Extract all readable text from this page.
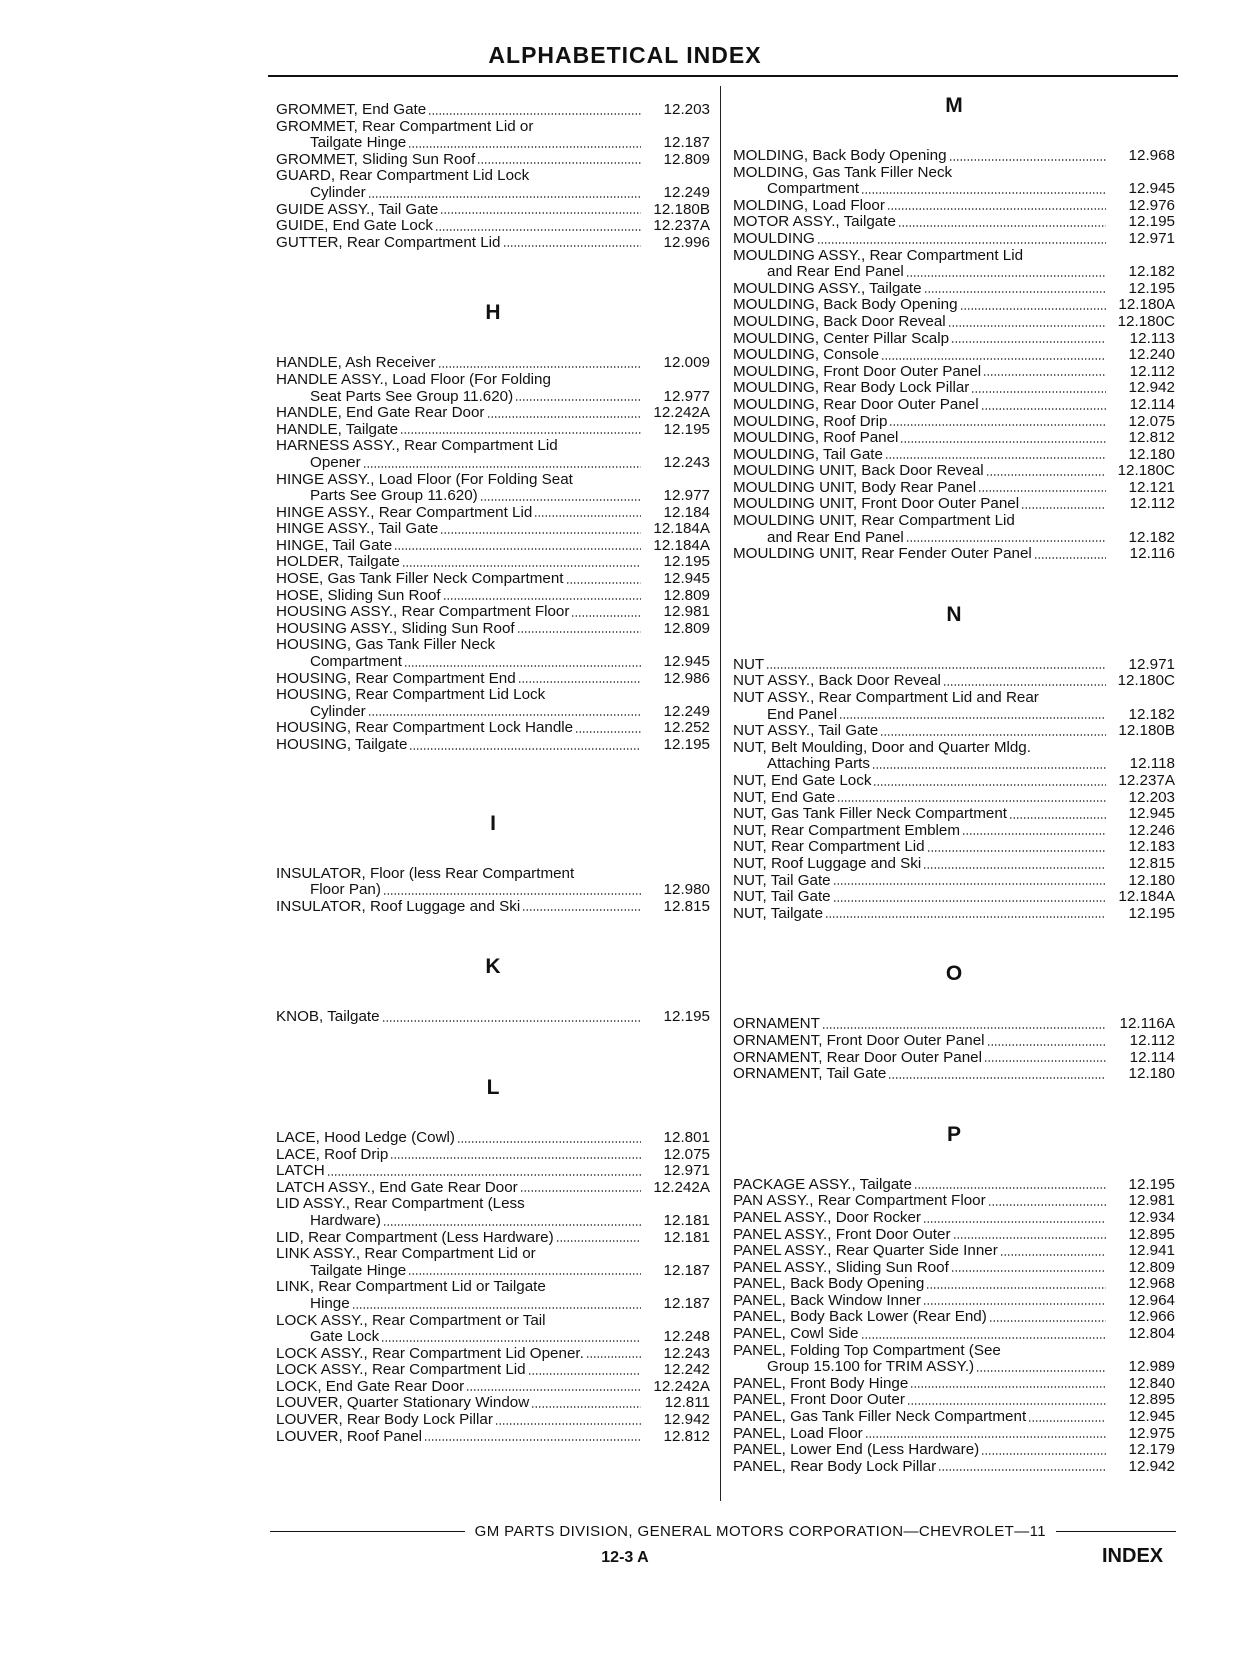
ALPHABETICAL INDEX
GROMMET, End Gate	12.203
GROMMET, Rear Compartment Lid or
Tailgate Hinge	12.187
GROMMET, Sliding Sun Roof	12.809
GUARD, Rear Compartment Lid Lock
Cylinder	12.249
GUIDE ASSY., Tail Gate	12.180B
GUIDE, End Gate Lock	12.237A
GUTTER, Rear Compartment Lid	12.996
H
HANDLE, Ash Receiver	12.009
HANDLE ASSY., Load Floor (For Folding
Seat Parts See Group 11.620)	12.977
HANDLE, End Gate Rear Door	12.242A
HANDLE, Tailgate	12.195
HARNESS ASSY., Rear Compartment Lid
Opener	12.243
HINGE ASSY., Load Floor (For Folding Seat
Parts See Group 11.620)	12.977
HINGE ASSY., Rear Compartment Lid	12.184
HINGE ASSY., Tail Gate	12.184A
HINGE, Tail Gate	12.184A
HOLDER, Tailgate	12.195
HOSE, Gas Tank Filler Neck Compartment	12.945
HOSE, Sliding Sun Roof	12.809
HOUSING ASSY., Rear Compartment Floor	12.981
HOUSING ASSY., Sliding Sun Roof	12.809
HOUSING, Gas Tank Filler Neck
Compartment	12.945
HOUSING, Rear Compartment End	12.986
HOUSING, Rear Compartment Lid Lock
Cylinder	12.249
HOUSING, Rear Compartment Lock Handle	12.252
HOUSING, Tailgate	12.195
I
INSULATOR, Floor (less Rear Compartment
Floor Pan)	12.980
INSULATOR, Roof Luggage and Ski	12.815
K
KNOB, Tailgate	12.195
L
LACE, Hood Ledge (Cowl)	12.801
LACE, Roof Drip	12.075
LATCH	12.971
LATCH ASSY., End Gate Rear Door	12.242A
LID ASSY., Rear Compartment (Less
Hardware)	12.181
LID, Rear Compartment (Less Hardware)	12.181
LINK ASSY., Rear Compartment Lid or
Tailgate Hinge	12.187
LINK, Rear Compartment Lid or Tailgate
Hinge	12.187
LOCK ASSY., Rear Compartment or Tail
Gate Lock	12.248
LOCK ASSY., Rear Compartment Lid Opener.	12.243
LOCK ASSY., Rear Compartment Lid	12.242
LOCK, End Gate Rear Door	12.242A
LOUVER, Quarter Stationary Window	12.811
LOUVER, Rear Body Lock Pillar	12.942
LOUVER, Roof Panel	12.812
M
MOLDING, Back Body Opening	12.968
MOLDING, Gas Tank Filler Neck
Compartment	12.945
MOLDING, Load Floor	12.976
MOTOR ASSY., Tailgate	12.195
MOULDING	12.971
MOULDING ASSY., Rear Compartment Lid
and Rear End Panel	12.182
MOULDING ASSY., Tailgate	12.195
MOULDING, Back Body Opening	12.180A
MOULDING, Back Door Reveal	12.180C
MOULDING, Center Pillar Scalp	12.113
MOULDING, Console	12.240
MOULDING, Front Door Outer Panel	12.112
MOULDING, Rear Body Lock Pillar	12.942
MOULDING, Rear Door Outer Panel	12.114
MOULDING, Roof Drip	12.075
MOULDING, Roof Panel	12.812
MOULDING, Tail Gate	12.180
MOULDING UNIT, Back Door Reveal	12.180C
MOULDING UNIT, Body Rear Panel	12.121
MOULDING UNIT, Front Door Outer Panel	12.112
MOULDING UNIT, Rear Compartment Lid
and Rear End Panel	12.182
MOULDING UNIT, Rear Fender Outer Panel	12.116
N
NUT	12.971
NUT ASSY., Back Door Reveal	12.180C
NUT ASSY., Rear Compartment Lid and Rear
End Panel	12.182
NUT ASSY., Tail Gate	12.180B
NUT, Belt Moulding, Door and Quarter Mldg.
Attaching Parts	12.118
NUT, End Gate Lock	12.237A
NUT, End Gate	12.203
NUT, Gas Tank Filler Neck Compartment	12.945
NUT, Rear Compartment Emblem	12.246
NUT, Rear Compartment Lid	12.183
NUT, Roof Luggage and Ski	12.815
NUT, Tail Gate	12.180
NUT, Tail Gate	12.184A
NUT, Tailgate	12.195
O
ORNAMENT	12.116A
ORNAMENT, Front Door Outer Panel	12.112
ORNAMENT, Rear Door Outer Panel	12.114
ORNAMENT, Tail Gate	12.180
P
PACKAGE ASSY., Tailgate	12.195
PAN ASSY., Rear Compartment Floor	12.981
PANEL ASSY., Door Rocker	12.934
PANEL ASSY., Front Door Outer	12.895
PANEL ASSY., Rear Quarter Side Inner	12.941
PANEL ASSY., Sliding Sun Roof	12.809
PANEL, Back Body Opening	12.968
PANEL, Back Window Inner	12.964
PANEL, Body Back Lower (Rear End)	12.966
PANEL, Cowl Side	12.804
PANEL, Folding Top Compartment (See
Group 15.100 for TRIM ASSY.)	12.989
PANEL, Front Body Hinge	12.840
PANEL, Front Door Outer	12.895
PANEL, Gas Tank Filler Neck Compartment	12.945
PANEL, Load Floor	12.975
PANEL, Lower End (Less Hardware)	12.179
PANEL, Rear Body Lock Pillar	12.942
GM PARTS DIVISION, GENERAL MOTORS CORPORATION—CHEVROLET—11
12-3 A	INDEX
